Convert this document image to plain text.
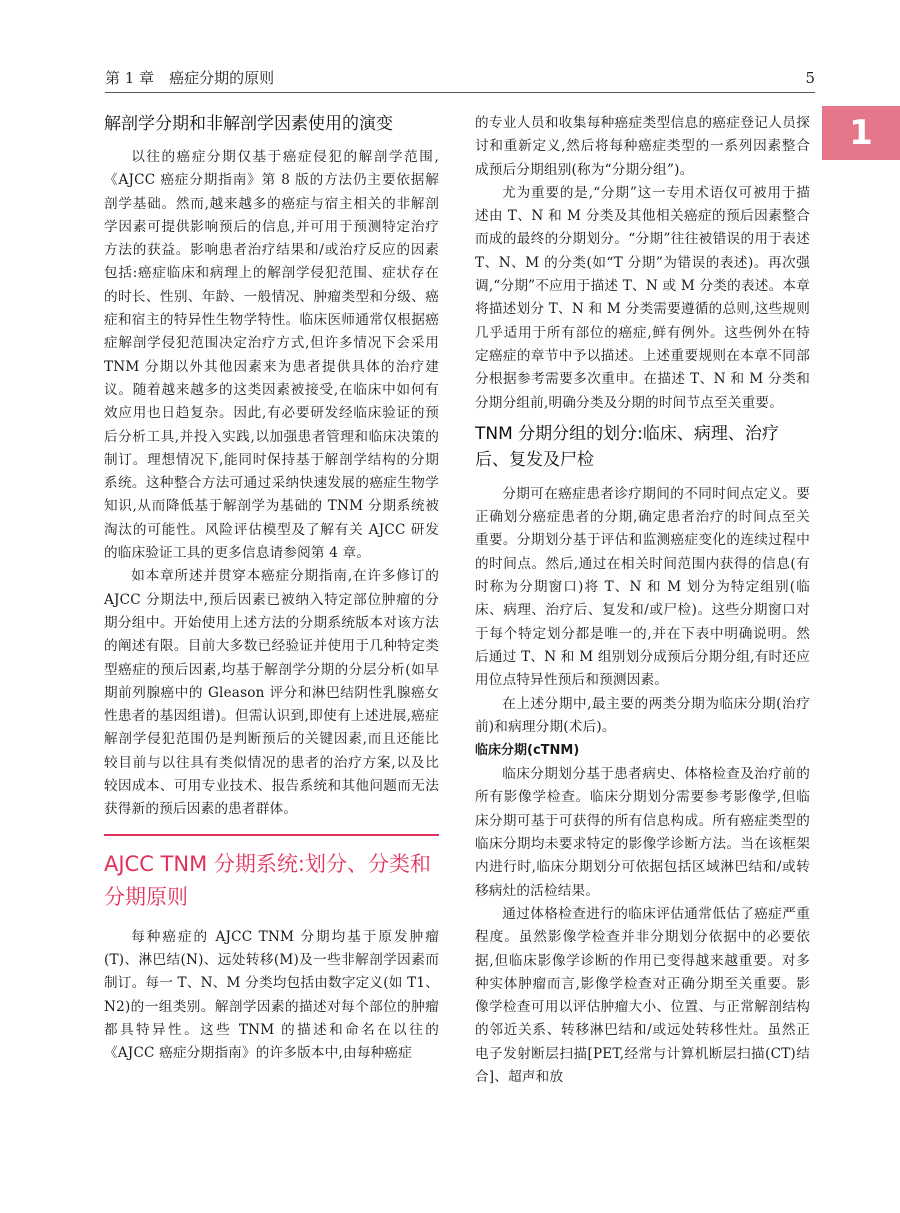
第 1 章　癌症分期的原则	5
1
解剖学分期和非解剖学因素使用的演变

以往的癌症分期仅基于癌症侵犯的解剖学范围,《AJCC 癌症分期指南》第 8 版的方法仍主要依据解剖学基础。然而,越来越多的癌症与宿主相关的非解剖学因素可提供影响预后的信息,并可用于预测特定治疗方法的获益。影响患者治疗结果和/或治疗反应的因素包括:癌症临床和病理上的解剖学侵犯范围、症状存在的时长、性别、年龄、一般情况、肿瘤类型和分级、癌症和宿主的特异性生物学特性。临床医师通常仅根据癌症解剖学侵犯范围决定治疗方式,但许多情况下会采用 TNM 分期以外其他因素来为患者提供具体的治疗建议。随着越来越多的这类因素被接受,在临床中如何有效应用也日趋复杂。因此,有必要研发经临床验证的预后分析工具,并投入实践,以加强患者管理和临床决策的制订。理想情况下,能同时保持基于解剖学结构的分期系统。这种整合方法可通过采纳快速发展的癌症生物学知识,从而降低基于解剖学为基础的 TNM 分期系统被淘汰的可能性。风险评估模型及了解有关 AJCC 研发的临床验证工具的更多信息请参阅第 4 章。

如本章所述并贯穿本癌症分期指南,在许多修订的 AJCC 分期法中,预后因素已被纳入特定部位肿瘤的分期分组中。开始使用上述方法的分期系统版本对该方法的阐述有限。目前大多数已经验证并使用于几种特定类型癌症的预后因素,均基于解剖学分期的分层分析(如早期前列腺癌中的 Gleason 评分和淋巴结阴性乳腺癌女性患者的基因组谱)。但需认识到,即使有上述进展,癌症解剖学侵犯范围仍是判断预后的关键因素,而且还能比较目前与以往具有类似情况的患者的治疗方案,以及比较因成本、可用专业技术、报告系统和其他问题而无法获得新的预后因素的患者群体。

AJCC TNM 分期系统:划分、分类和分期原则

每种癌症的 AJCC TNM 分期均基于原发肿瘤(T)、淋巴结(N)、远处转移(M)及一些非解剖学因素而制订。每一 T、N、M 分类均包括由数字定义(如 T1、N2)的一组类别。解剖学因素的描述对每个部位的肿瘤都具特异性。这些 TNM 的描述和命名在以往的《AJCC 癌症分期指南》的许多版本中,由每种癌症

的专业人员和收集每种癌症类型信息的癌症登记人员探讨和重新定义,然后将每种癌症类型的一系列因素整合成预后分期组别(称为“分期分组”)。

尤为重要的是,“分期”这一专用术语仅可被用于描述由 T、N 和 M 分类及其他相关癌症的预后因素整合而成的最终的分期划分。“分期”往往被错误的用于表述 T、N、M 的分类(如“T 分期”为错误的表述)。再次强调,“分期”不应用于描述 T、N 或 M 分类的表述。本章将描述划分 T、N 和 M 分类需要遵循的总则,这些规则几乎适用于所有部位的癌症,鲜有例外。这些例外在特定癌症的章节中予以描述。上述重要规则在本章不同部分根据参考需要多次重申。在描述 T、N 和 M 分类和分期分组前,明确分类及分期的时间节点至关重要。

TNM 分期分组的划分:临床、病理、治疗后、复发及尸检

分期可在癌症患者诊疗期间的不同时间点定义。要正确划分癌症患者的分期,确定患者治疗的时间点至关重要。分期划分基于评估和监测癌症变化的连续过程中的时间点。然后,通过在相关时间范围内获得的信息(有时称为分期窗口)将 T、N 和 M 划分为特定组别(临床、病理、治疗后、复发和/或尸检)。这些分期窗口对于每个特定划分都是唯一的,并在下表中明确说明。然后通过 T、N 和 M 组别划分成预后分期分组,有时还应用位点特异性预后和预测因素。

在上述分期中,最主要的两类分期为临床分期(治疗前)和病理分期(术后)。

临床分期(cTNM)

临床分期划分基于患者病史、体格检查及治疗前的所有影像学检查。临床分期划分需要参考影像学,但临床分期可基于可获得的所有信息构成。所有癌症类型的临床分期均未要求特定的影像学诊断方法。当在该框架内进行时,临床分期划分可依据包括区域淋巴结和/或转移病灶的活检结果。

通过体格检查进行的临床评估通常低估了癌症严重程度。虽然影像学检查并非分期划分依据中的必要依据,但临床影像学诊断的作用已变得越来越重要。对多种实体肿瘤而言,影像学检查对正确分期至关重要。影像学检查可用以评估肿瘤大小、位置、与正常解剖结构的邻近关系、转移淋巴结和/或远处转移性灶。虽然正电子发射断层扫描[PET,经常与计算机断层扫描(CT)结合]、超声和放
